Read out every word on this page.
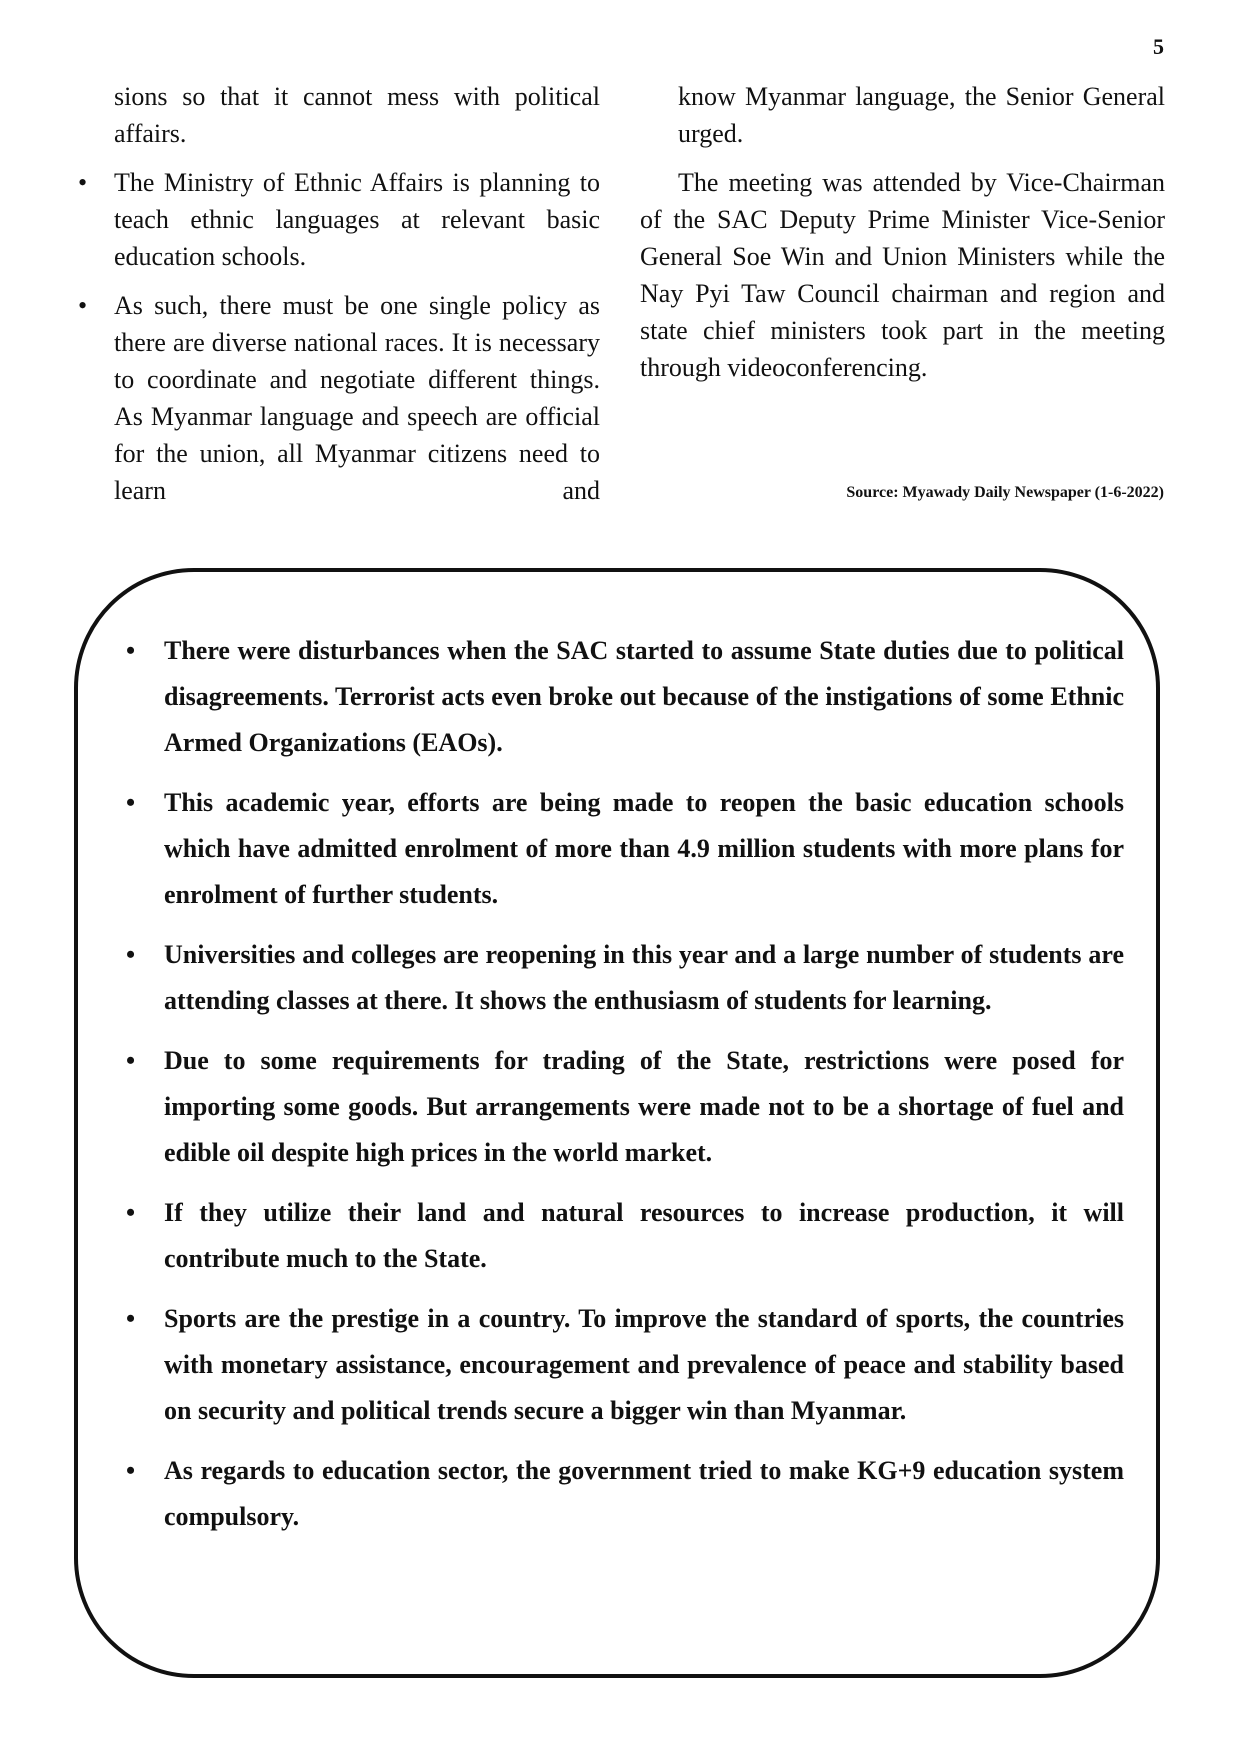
5

sions so that it cannot mess with political affairs.

• The Ministry of Ethnic Affairs is planning to teach ethnic languages at relevant basic education schools.

• As such, there must be one single policy as there are diverse national races. It is necessary to coordinate and negotiate different things. As Myanmar language and speech are official for the union, all Myanmar citizens need to learn and

know Myanmar language, the Senior General urged.

The meeting was attended by Vice-Chairman of the SAC Deputy Prime Minister Vice-Senior General Soe Win and Union Ministers while the Nay Pyi Taw Council chairman and region and state chief ministers took part in the meeting through videoconferencing.

Source: Myawady Daily Newspaper (1-6-2022)
• There were disturbances when the SAC started to assume State duties due to political disagreements. Terrorist acts even broke out because of the instigations of some Ethnic Armed Organizations (EAOs).
• This academic year, efforts are being made to reopen the basic education schools which have admitted enrolment of more than 4.9 million students with more plans for enrolment of further students.
• Universities and colleges are reopening in this year and a large number of students are attending classes at there. It shows the enthusiasm of students for learning.
• Due to some requirements for trading of the State, restrictions were posed for importing some goods. But arrangements were made not to be a shortage of fuel and edible oil despite high prices in the world market.
• If they utilize their land and natural resources to increase production, it will contribute much to the State.
• Sports are the prestige in a country. To improve the standard of sports, the countries with monetary assistance, encouragement and prevalence of peace and stability based on security and political trends secure a bigger win than Myanmar.
• As regards to education sector, the government tried to make KG+9 education system compulsory.
